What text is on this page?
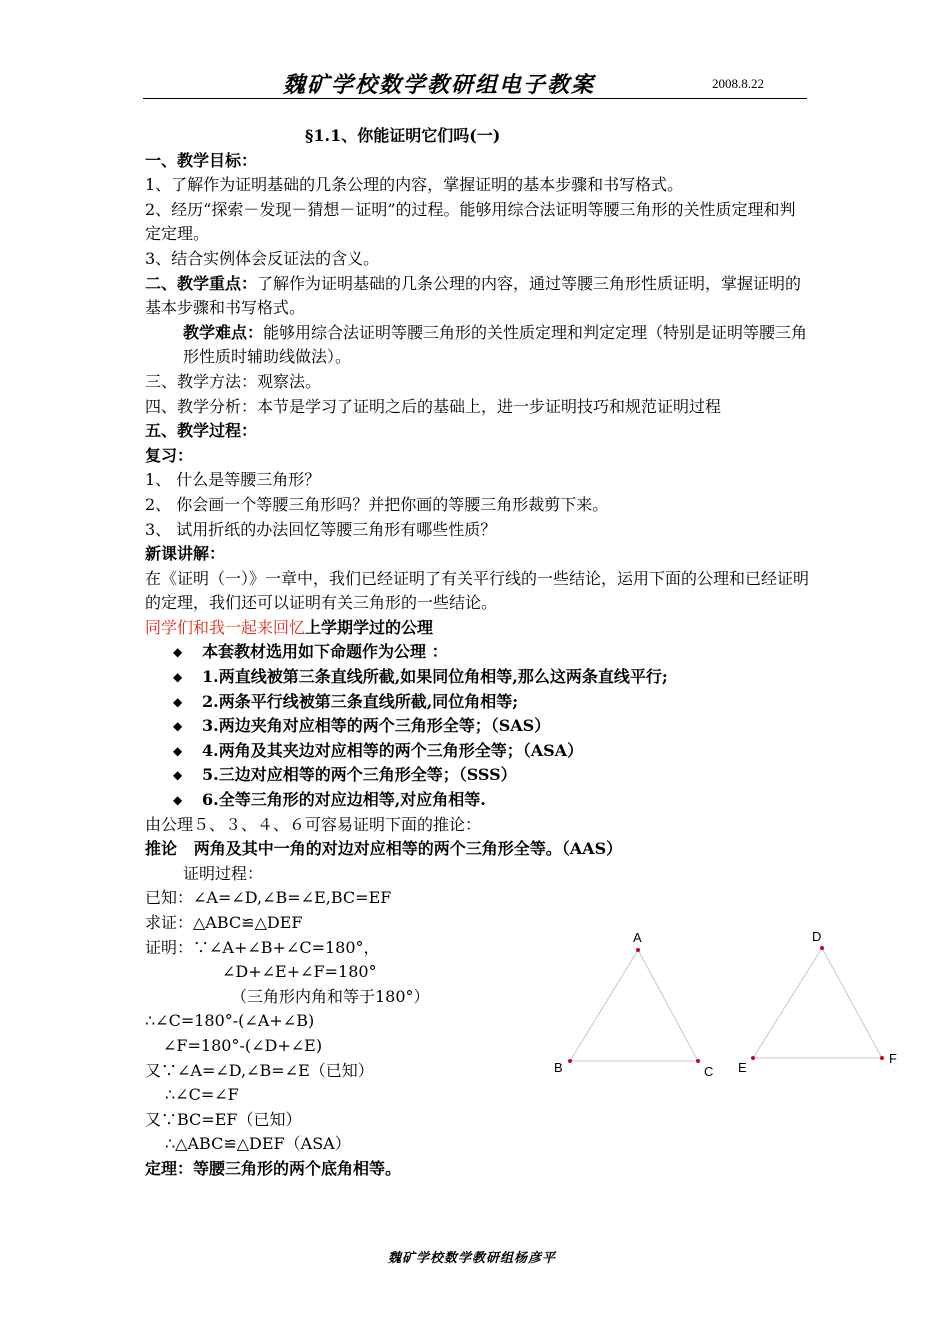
魏矿学校数学教研组电子教案	2008.8.22

§1.1、你能证明它们吗(一)

一、教学目标：

1、了解作为证明基础的几条公理的内容，掌握证明的基本步骤和书写格式。

2、经历“探索－发现－猜想－证明”的过程。能够用综合法证明等腰三角形的关性质定理和判定定理。

3、结合实例体会反证法的含义。

二、教学重点：了解作为证明基础的几条公理的内容，通过等腰三角形性质证明，掌握证明的基本步骤和书写格式。

教学难点：能够用综合法证明等腰三角形的关性质定理和判定定理（特别是证明等腰三角形性质时辅助线做法）。

三、教学方法：观察法。

四、教学分析：本节是学习了证明之后的基础上，进一步证明技巧和规范证明过程

五、教学过程：

复习：

1、 什么是等腰三角形？

2、 你会画一个等腰三角形吗？并把你画的等腰三角形裁剪下来。

3、 试用折纸的办法回忆等腰三角形有哪些性质？

新课讲解：

在《证明（一）》一章中，我们已经证明了有关平行线的一些结论，运用下面的公理和已经证明的定理，我们还可以证明有关三角形的一些结论。

同学们和我一起来回忆上学期学过的公理

◆ 本套教材选用如下命题作为公理 ：
◆ 1.两直线被第三条直线所截,如果同位角相等,那么这两条直线平行;
◆ 2.两条平行线被第三条直线所截,同位角相等;
◆ 3.两边夹角对应相等的两个三角形全等；（SAS）
◆ 4.两角及其夹边对应相等的两个三角形全等；（ASA）
◆ 5.三边对应相等的两个三角形全等；（SSS）
◆ 6.全等三角形的对应边相等,对应角相等.

由公理５、３、４、６可容易证明下面的推论：

推论 两角及其中一角的对边对应相等的两个三角形全等。（AAS）

证明过程：

已知：∠A=∠D,∠B=∠E,BC=EF

求证：△ABC≌△DEF

证明：∵∠A+∠B+∠C=180°，

∠D+∠E+∠F=180°

（三角形内角和等于180°）

∴∠C=180°-(∠A+∠B)

∠F=180°-(∠D+∠E)

又∵∠A=∠D,∠B=∠E（已知）

∴∠C=∠F

又∵BC=EF（已知）

∴△ABC≌△DEF（ASA）

定理：等腰三角形的两个底角相等。

A
B	C
D
E
F
魏矿学校数学教研组杨彦平
